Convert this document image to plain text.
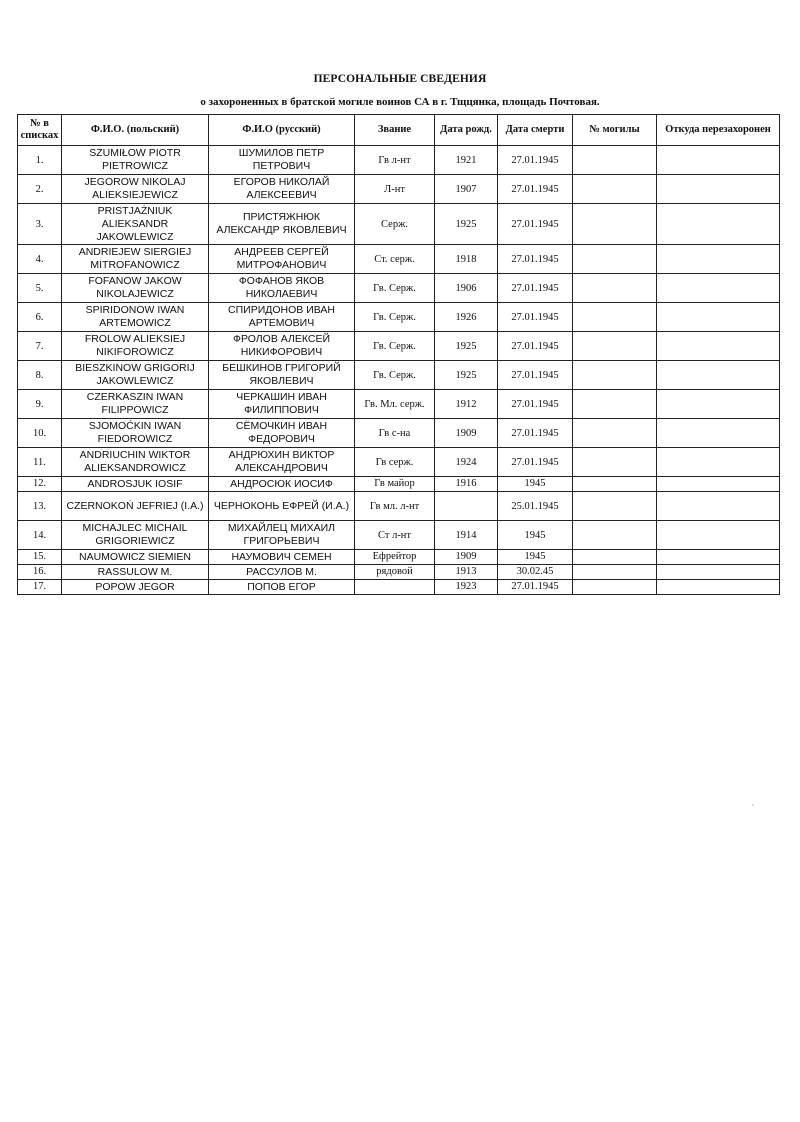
ПЕРСОНАЛЬНЫЕ СВЕДЕНИЯ
о захороненных в братской могиле воинов СА в г. Тщцянка, площадь Почтовая.
№ в списках	Ф.И.О. (польский)	Ф.И.О (русский)	Звание	Дата рожд.	Дата смерти	№ могилы	Откуда перезахоронен
1.	SZUMIŁOW PIOTR PIETROWICZ	ШУМИЛОВ ПЕТР ПЕТРОВИЧ	Гв л-нт	1921	27.01.1945		
2.	JEGOROW NIKOLAJ ALIEKSIEJEWICZ	ЕГОРОВ НИКОЛАЙ АЛЕКСЕЕВИЧ	Л-нт	1907	27.01.1945		
3.	PRISTJAŻNIUK ALIEKSANDR JAKOWLEWICZ	ПРИСТЯЖНЮК АЛЕКСАНДР ЯКОВЛЕВИЧ	Серж.	1925	27.01.1945		
4.	ANDRIEJEW SIERGIEJ MITROFANOWICZ	АНДРЕЕВ СЕРГЕЙ МИТРОФАНОВИЧ	Ст. серж.	1918	27.01.1945		
5.	FOFANOW JAKOW NIKOLAJEWICZ	ФОФАНОВ ЯКОВ НИКОЛАЕВИЧ	Гв. Серж.	1906	27.01.1945		
6.	SPIRIDONOW IWAN ARTEMOWICZ	СПИРИДОНОВ ИВАН АРТЕМОВИЧ	Гв. Серж.	1926	27.01.1945		
7.	FROLOW ALIEKSIEJ NIKIFOROWICZ	ФРОЛОВ АЛЕКСЕЙ НИКИФОРОВИЧ	Гв. Серж.	1925	27.01.1945		
8.	BIESZKINOW GRIGORIJ JAKOWLEWICZ	БЕШКИНОВ ГРИГОРИЙ ЯКОВЛЕВИЧ	Гв. Серж.	1925	27.01.1945		
9.	CZERKASZIN IWAN FILIPPOWICZ	ЧЕРКАШИН ИВАН ФИЛИППОВИЧ	Гв. Мл. серж.	1912	27.01.1945		
10.	SJOMOĆKIN IWAN FIEDOROWICZ	СЁМОЧКИН ИВАН ФЕДОРОВИЧ	Гв с-на	1909	27.01.1945		
11.	ANDRIUCHIN WIKTOR ALIEKSANDROWICZ	АНДРЮХИН ВИКТОР АЛЕКСАНДРОВИЧ	Гв серж.	1924	27.01.1945		
12.	ANDROSJUK IOSIF	АНДРОСЮК ИОСИФ	Гв майор	1916	1945		
13.	CZERNOKOŃ JEFRIEJ (I.A.)	ЧЕРНОКОНЬ ЕФРЕЙ (И.А.)	Гв мл. л-нт		25.01.1945		
14.	MICHAJLEC MICHAIL GRIGORIEWICZ	МИХАЙЛЕЦ МИХАИЛ ГРИГОРЬЕВИЧ	Ст л-нт	1914	1945		
15.	NAUMOWICZ SIEMIEN	НАУМОВИЧ СЕМЕН	Ефрейтор	1909	1945		
16.	RASSULOW M.	РАССУЛОВ М.	рядовой	1913	30.02.45		
17.	POPOW JEGOR	ПОПОВ ЕГОР		1923	27.01.1945		
